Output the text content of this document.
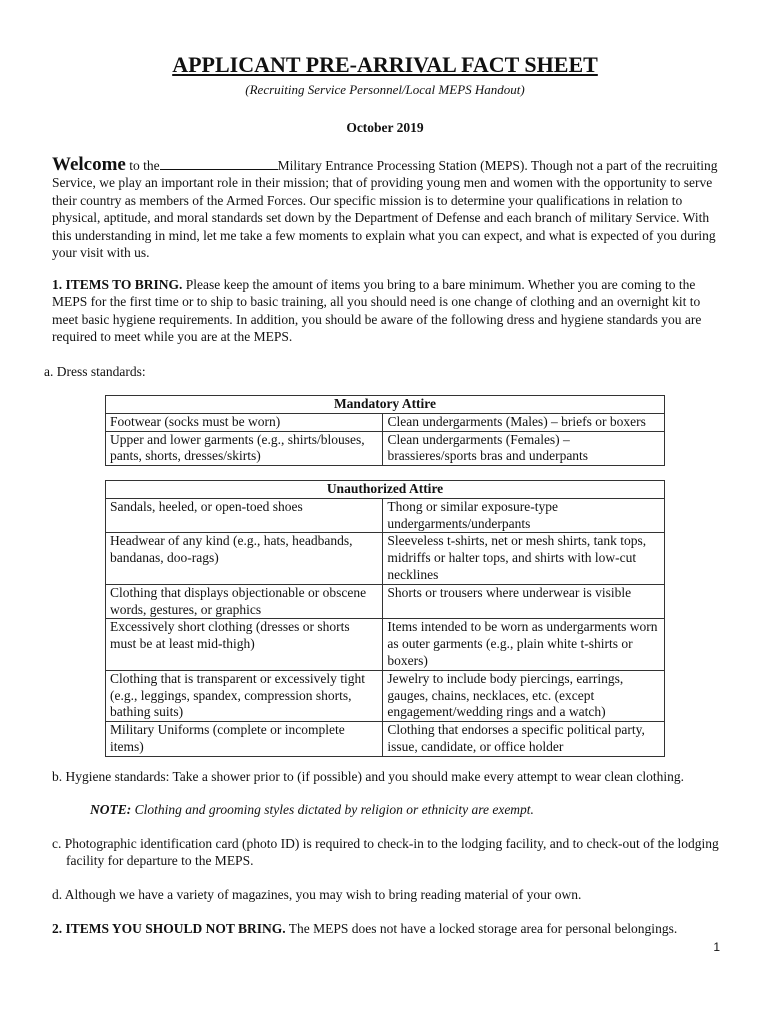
APPLICANT PRE-ARRIVAL FACT SHEET
(Recruiting Service Personnel/Local MEPS Handout)
October 2019
Welcome to the	Military Entrance Processing Station (MEPS). Though not a part of the recruiting Service, we play an important role in their mission; that of providing young men and women with the opportunity to serve their country as members of the Armed Forces. Our specific mission is to determine your qualifications in relation to physical, aptitude, and moral standards set down by the Department of Defense and each branch of military Service. With this understanding in mind, let me take a few moments to explain what you can expect, and what is expected of you during your visit with us.
1. ITEMS TO BRING. Please keep the amount of items you bring to a bare minimum. Whether you are coming to the MEPS for the first time or to ship to basic training, all you should need is one change of clothing and an overnight kit to meet basic hygiene requirements. In addition, you should be aware of the following dress and hygiene standards you are required to meet while you are at the MEPS.
a. Dress standards:
Mandatory Attire	
Footwear (socks must be worn)	Clean undergarments (Males) – briefs or boxers
Upper and lower garments (e.g., shirts/blouses, pants, shorts, dresses/skirts)	Clean undergarments (Females) – brassieres/sports bras and underpants
Unauthorized Attire	
Sandals, heeled, or open-toed shoes	Thong or similar exposure-type undergarments/underpants
Headwear of any kind (e.g., hats, headbands, bandanas, doo-rags)	Sleeveless t-shirts, net or mesh shirts, tank tops, midriffs or halter tops, and shirts with low-cut necklines
Clothing that displays objectionable or obscene words, gestures, or graphics	Shorts or trousers where underwear is visible
Excessively short clothing (dresses or shorts must be at least mid-thigh)	Items intended to be worn as undergarments worn as outer garments (e.g., plain white t-shirts or boxers)
Clothing that is transparent or excessively tight (e.g., leggings, spandex, compression shorts, bathing suits)	Jewelry to include body piercings, earrings, gauges, chains, necklaces, etc. (except engagement/wedding rings and a watch)
Military Uniforms (complete or incomplete items)	Clothing that endorses a specific political party, issue, candidate, or office holder
b. Hygiene standards: Take a shower prior to (if possible) and you should make every attempt to wear clean clothing.
NOTE: Clothing and grooming styles dictated by religion or ethnicity are exempt.
c. Photographic identification card (photo ID) is required to check-in to the lodging facility, and to check-out of the lodging facility for departure to the MEPS.
d. Although we have a variety of magazines, you may wish to bring reading material of your own.
2. ITEMS YOU SHOULD NOT BRING. The MEPS does not have a locked storage area for personal belongings.
1
